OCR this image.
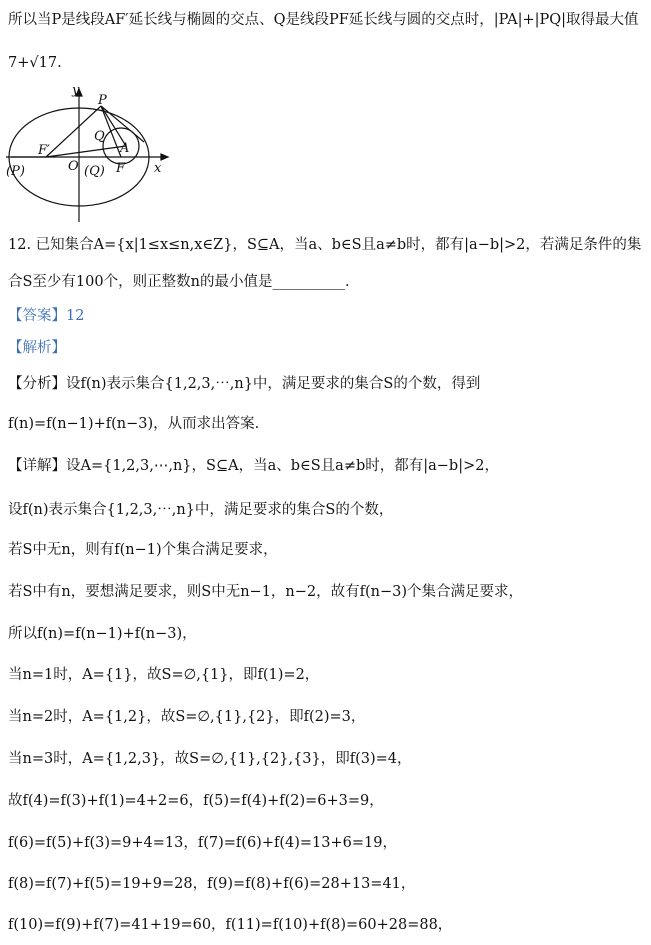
所以当P是线段AF′延长线与椭圆的交点、Q是线段PF延长线与圆的交点时，|PA|+|PQ|取得最大值
7+√17.
y
x
P
Q
A
F′
O	F
(P)	(Q)
12. 已知集合A={x|1≤x≤n,x∈Z}，S⊆A，当a、b∈S且a≠b时，都有|a−b|>2，若满足条件的集
合S至少有100个，则正整数n的最小值是__________.
【答案】12
【解析】
【分析】设f(n)表示集合{1,2,3,⋯,n}中，满足要求的集合S的个数，得到
f(n)=f(n−1)+f(n−3)，从而求出答案.
【详解】设A={1,2,3,⋯,n}，S⊆A，当a、b∈S且a≠b时，都有|a−b|>2，
设f(n)表示集合{1,2,3,⋯,n}中，满足要求的集合S的个数，
若S中无n，则有f(n−1)个集合满足要求，
若S中有n，要想满足要求，则S中无n−1，n−2，故有f(n−3)个集合满足要求，
所以f(n)=f(n−1)+f(n−3)，
当n=1时，A={1}，故S=∅,{1}，即f(1)=2，
当n=2时，A={1,2}，故S=∅,{1},{2}，即f(2)=3，
当n=3时，A={1,2,3}，故S=∅,{1},{2},{3}，即f(3)=4，
故f(4)=f(3)+f(1)=4+2=6，f(5)=f(4)+f(2)=6+3=9，
f(6)=f(5)+f(3)=9+4=13，f(7)=f(6)+f(4)=13+6=19，
f(8)=f(7)+f(5)=19+9=28，f(9)=f(8)+f(6)=28+13=41，
f(10)=f(9)+f(7)=41+19=60，f(11)=f(10)+f(8)=60+28=88，
